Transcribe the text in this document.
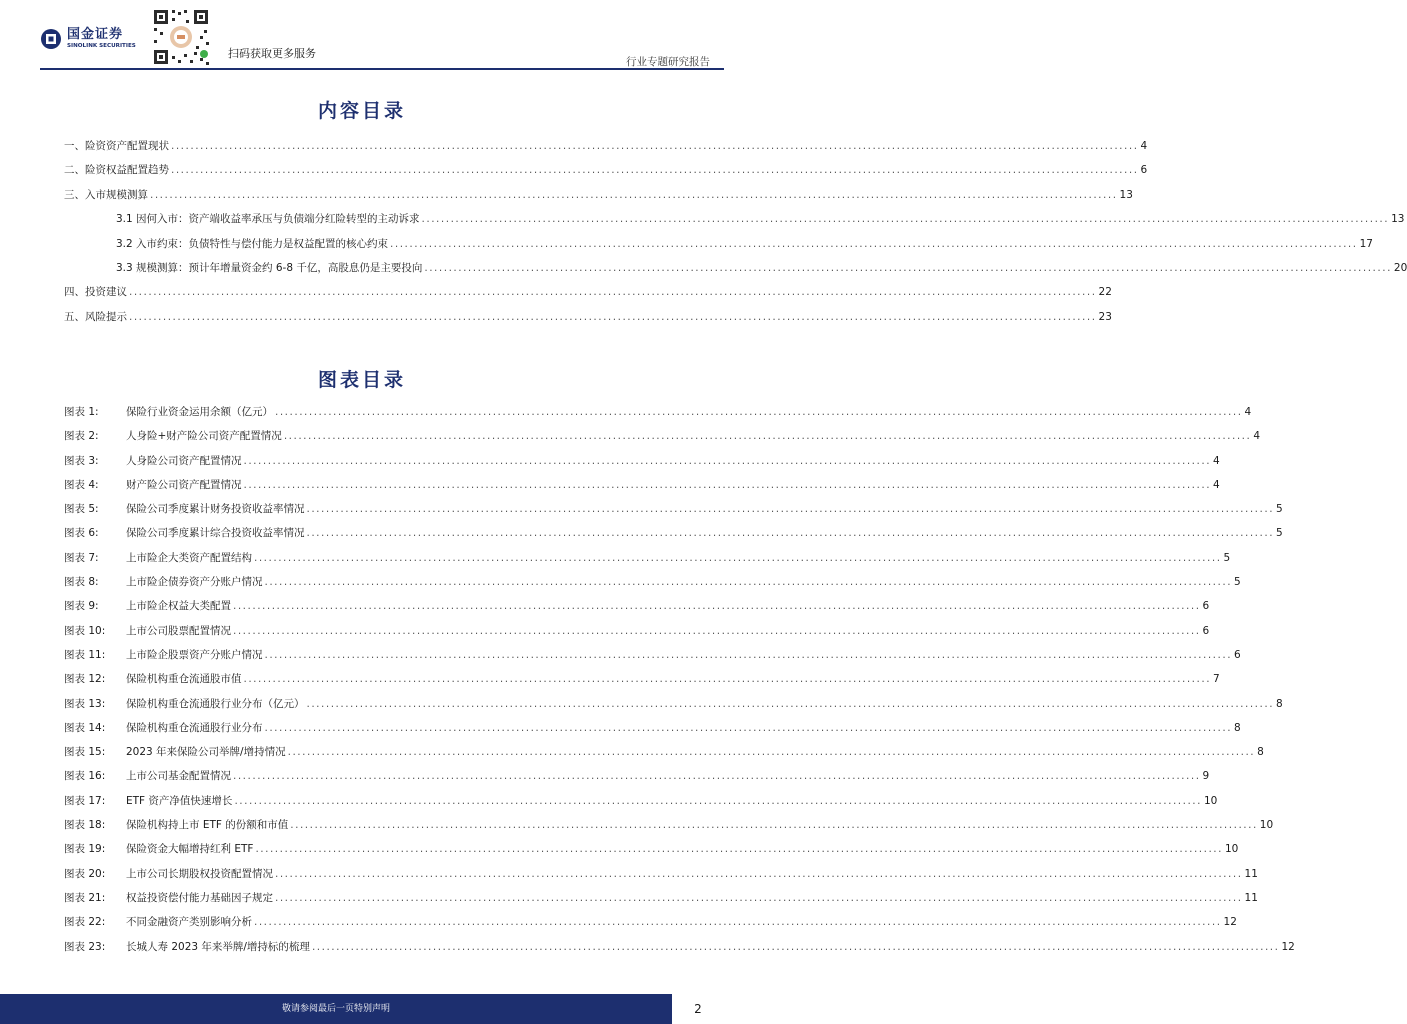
国金证券
SINOLINK SECURITIES
扫码获取更多服务
行业专题研究报告
内容目录
一、险资资产配置现状 .....	4
二、险资权益配置趋势 .....	6
三、入市规模测算 .....	13
3.1 因何入市：资产端收益率承压与负债端分红险转型的主动诉求 .....	13
3.2 入市约束：负债特性与偿付能力是权益配置的核心约束 .....	17
3.3 规模测算：预计年增量资金约 6-8 千亿，高股息仍是主要投向 .....	20
四、投资建议 .....	22
五、风险提示 .....	23
图表目录
图表 1:	保险行业资金运用余额（亿元） .....	4
图表 2:	人身险+财产险公司资产配置情况 .....	4
图表 3:	人身险公司资产配置情况 .....	4
图表 4:	财产险公司资产配置情况 .....	4
图表 5:	保险公司季度累计财务投资收益率情况 .....	5
图表 6:	保险公司季度累计综合投资收益率情况 .....	5
图表 7:	上市险企大类资产配置结构 .....	5
图表 8:	上市险企债券资产分账户情况 .....	5
图表 9:	上市险企权益大类配置 .....	6
图表 10:	上市公司股票配置情况 .....	6
图表 11:	上市险企股票资产分账户情况 .....	6
图表 12:	保险机构重仓流通股市值 .....	7
图表 13:	保险机构重仓流通股行业分布（亿元） .....	8
图表 14:	保险机构重仓流通股行业分布 .....	8
图表 15:	2023 年来保险公司举牌/增持情况 .....	8
图表 16:	上市公司基金配置情况 .....	9
图表 17:	ETF 资产净值快速增长 .....	10
图表 18:	保险机构持上市 ETF 的份额和市值 .....	10
图表 19:	保险资金大幅增持红利 ETF .....	10
图表 20:	上市公司长期股权投资配置情况 .....	11
图表 21:	权益投资偿付能力基础因子规定 .....	11
图表 22:	不同金融资产类别影响分析 .....	12
图表 23:	长城人寿 2023 年来举牌/增持标的梳理 .....	12
敬请参阅最后一页特别声明	2
